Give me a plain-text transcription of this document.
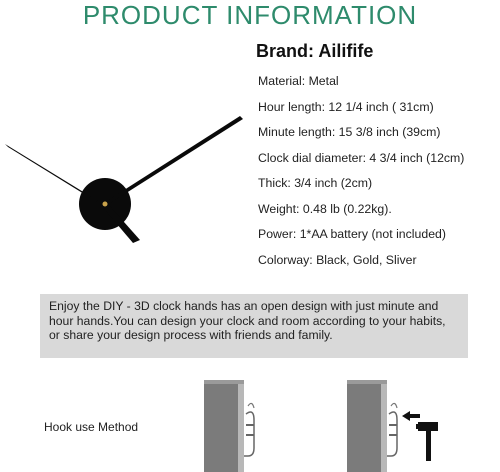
PRODUCT INFORMATION
Brand: Ailifife
Material: Metal
Hour length: 12 1/4 inch ( 31cm)
Minute length: 15 3/8 inch (39cm)
Clock dial diameter: 4 3/4 inch (12cm)
Thick: 3/4 inch (2cm)
Weight: 0.48 lb (0.22kg).
Power: 1*AA battery (not included)
Colorway: Black, Gold, Sliver
Enjoy the DIY - 3D clock hands has an open design with just minute and hour hands.You can design your clock and room according to your habits, or share your design process with friends and family.
Hook use Method
